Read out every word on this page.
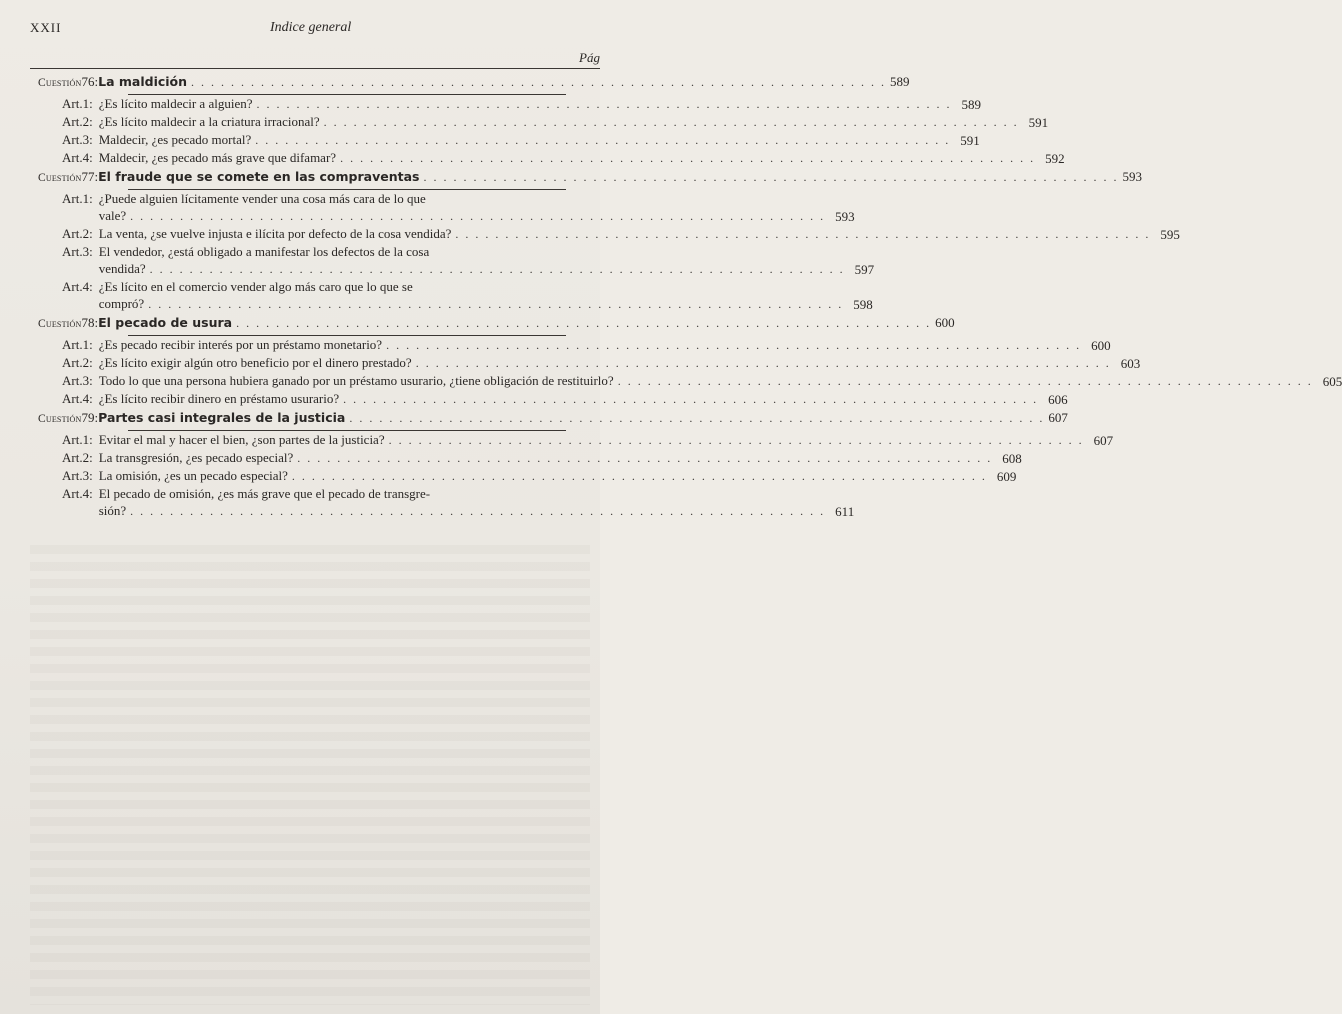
XXII	Indice general
Pág
Cuestión 76: La maldición . . . . . . . . . . . . . . . . . . . . . . . . . . . . . . . . . . . . . . . . . . . . . . . . . . . . . . . . . . . . . . . . . . . . . . 589
Art. 1: ¿Es lícito maldecir a alguien? . . . . . . . . . . . . . . . . . . . . . . . . . . . . . . . . . . . . . . . . . . . . . . . . . . . . . . . . . . . . . . . . . . . . . . 589
Art. 2: ¿Es lícito maldecir a la criatura irracional? . . . . . . . . . . . . . . . . . . . . . . . . . . . . . . . . . . . . . . . . . . . . . . . . . . . . . . . . . . . . . . . . . . . . . . 591
Art. 3: Maldecir, ¿es pecado mortal? . . . . . . . . . . . . . . . . . . . . . . . . . . . . . . . . . . . . . . . . . . . . . . . . . . . . . . . . . . . . . . . . . . . . . . 591
Art. 4: Maldecir, ¿es pecado más grave que difamar? . . . . . . . . . . . . . . . . . . . . . . . . . . . . . . . . . . . . . . . . . . . . . . . . . . . . . . . . . . . . . . . . . . . . . . 592
Cuestión 77: El fraude que se comete en las compraventas . . . . . . . . . . . . . . . . . . . . . . . . . . . . . . . . . . . . . . . . . . . . . . . . . . . . . . . . . . . . . . . . . . . . . . 593
Art. 1: ¿Puede alguien lícitamente vender una cosa más cara de lo que
vale? . . . . . . . . . . . . . . . . . . . . . . . . . . . . . . . . . . . . . . . . . . . . . . . . . . . . . . . . . . . . . . . . . . . . . . 593
Art. 2: La venta, ¿se vuelve injusta e ilícita por defecto de la cosa vendida? . . . . . . . . . . . . . . . . . . . . . . . . . . . . . . . . . . . . . . . . . . . . . . . . . . . . . . . . . . . . . . . . . . . . . . 595
Art. 3: El vendedor, ¿está obligado a manifestar los defectos de la cosa
vendida? . . . . . . . . . . . . . . . . . . . . . . . . . . . . . . . . . . . . . . . . . . . . . . . . . . . . . . . . . . . . . . . . . . . . . . 597
Art. 4: ¿Es lícito en el comercio vender algo más caro que lo que se
compró? . . . . . . . . . . . . . . . . . . . . . . . . . . . . . . . . . . . . . . . . . . . . . . . . . . . . . . . . . . . . . . . . . . . . . . 598
Cuestión 78: El pecado de usura . . . . . . . . . . . . . . . . . . . . . . . . . . . . . . . . . . . . . . . . . . . . . . . . . . . . . . . . . . . . . . . . . . . . . . 600
Art. 1: ¿Es pecado recibir interés por un préstamo monetario? . . . . . . . . . . . . . . . . . . . . . . . . . . . . . . . . . . . . . . . . . . . . . . . . . . . . . . . . . . . . . . . . . . . . . . 600
Art. 2: ¿Es lícito exigir algún otro beneficio por el dinero prestado? . . . . . . . . . . . . . . . . . . . . . . . . . . . . . . . . . . . . . . . . . . . . . . . . . . . . . . . . . . . . . . . . . . . . . . 603
Art. 3: Todo lo que una persona hubiera ganado por un préstamo usurario, ¿tiene obligación de restituirlo? . . . . . . . . . . . . . . . . . . . . . . . . . . . . . . . . . . . . . . . . . . . . . . . . . . . . . . . . . . . . . . . . . . . . . . 605
Art. 4: ¿Es lícito recibir dinero en préstamo usurario? . . . . . . . . . . . . . . . . . . . . . . . . . . . . . . . . . . . . . . . . . . . . . . . . . . . . . . . . . . . . . . . . . . . . . . 606
Cuestión 79: Partes casi integrales de la justicia . . . . . . . . . . . . . . . . . . . . . . . . . . . . . . . . . . . . . . . . . . . . . . . . . . . . . . . . . . . . . . . . . . . . . . 607
Art. 1: Evitar el mal y hacer el bien, ¿son partes de la justicia? . . . . . . . . . . . . . . . . . . . . . . . . . . . . . . . . . . . . . . . . . . . . . . . . . . . . . . . . . . . . . . . . . . . . . . 607
Art. 2: La transgresión, ¿es pecado especial? . . . . . . . . . . . . . . . . . . . . . . . . . . . . . . . . . . . . . . . . . . . . . . . . . . . . . . . . . . . . . . . . . . . . . . 608
Art. 3: La omisión, ¿es un pecado especial? . . . . . . . . . . . . . . . . . . . . . . . . . . . . . . . . . . . . . . . . . . . . . . . . . . . . . . . . . . . . . . . . . . . . . . 609
Art. 4: El pecado de omisión, ¿es más grave que el pecado de transgre-
sión? . . . . . . . . . . . . . . . . . . . . . . . . . . . . . . . . . . . . . . . . . . . . . . . . . . . . . . . . . . . . . . . . . . . . . . 611
